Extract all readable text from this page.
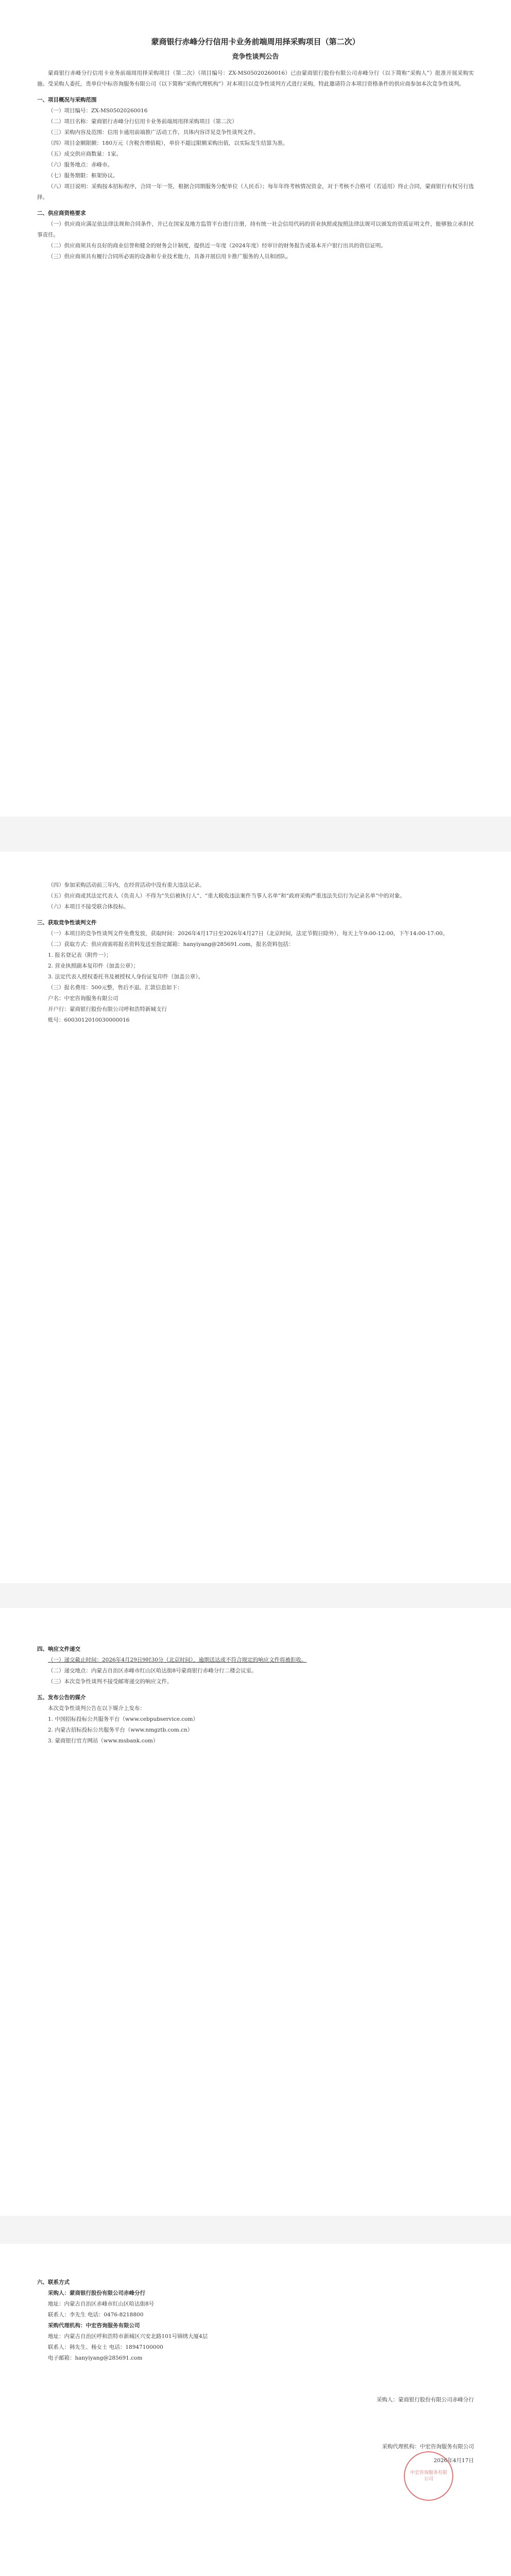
蒙商银行赤峰分行信用卡业务前端周用择采购项目（第二次）
竞争性谈判公告

蒙商银行赤峰分行信用卡业务前端周用择采购项目（第二次）（项目编号：ZX-MS05020260016）已由蒙商银行股份有限公司赤峰分行（以下简称“采购人”）批准开展采购实施。受采购人委托，贵单位中标咨询服务有限公司（以下简称“采购代理机构”）对本项目以竞争性谈判方式进行采购，特此邀请符合本项目资格条件的供应商参加本次竞争性谈判。

一、项目概况与采购范围

（一）项目编号：ZX-MS05020260016

（二）项目名称：蒙商银行赤峰分行信用卡业务前端周用择采购项目（第二次）

（三）采购内容及范围：信用卡通用前端推广活动工作，具体内容详见竞争性谈判文件。

（四）项目金额限额：180万元（含税含增值税），单价不超过限额采购出值，以实际发生结算为准。

（五）成交供应商数量：1家。

（六）服务地点：赤峰市。

（七）服务期限：框架协议。

（八）项目说明：采购按本招标程序，合同一年一签，根据合同期服务分配单位（人民币）；每年年终考核情况资金，对于考核不合格可（若适用）终止合同，蒙商银行有权另行选择。

二、供应商资格要求

（一）供应商应满足依法律法规和合同条件，并已在国家及地方监管平台进行注册，持有统一社会信用代码的营业执照或按照法律法规可以颁发的资质证明文件，能够独立承担民事责任。

（二）供应商须具有良好的商业信誉和健全的财务会计制度，提供近一年度（2024年度）经审计的财务报告或基本开户银行出具的资信证明。

（三）供应商须具有履行合同所必需的设备和专业技术能力，具备开展信用卡推广服务的人员和团队。

（四）参加采购活动前三年内，在经营活动中没有重大违法记录。

（五）供应商或其法定代表人（负责人）不得为“失信被执行人”、“重大税收违法案件当事人名单”和“政府采购严重违法失信行为记录名单”中的对象。

（六）本项目不接受联合体投标。

三、获取竞争性谈判文件

（一）本项目的竞争性谈判文件免费发放，获取时间：2026年4月17日至2026年4月27日（北京时间，法定节假日除外），每天上午9:00-12:00，下午14:00-17:00。

（二）获取方式：供应商需将报名资料发送至指定邮箱：hanyiyang@285691.com，报名资料包括：

1. 报名登记表（附件一）；

2. 营业执照副本复印件（加盖公章）；

3. 法定代表人授权委托书及被授权人身份证复印件（加盖公章）。

（三）报名费用：500元整，售后不退。汇款信息如下：

户名：中宏咨询服务有限公司

开户行：蒙商银行股份有限公司呼和浩特新城支行

账号：6003012010030000016

四、响应文件递交

（一）递交截止时间：2026年4月29日9时30分（北京时间），逾期送达或不符合规定的响应文件将被拒收。

（二）递交地点：内蒙古自治区赤峰市红山区哈达街8号蒙商银行赤峰分行二楼会议室。

（三）本次竞争性谈判不接受邮寄递交的响应文件。

五、发布公告的媒介

本次竞争性谈判公告在以下媒介上发布：

1. 中国招标投标公共服务平台（www.cebpubservice.com）

2. 内蒙古招标投标公共服务平台（www.nmgztb.com.cn）

3. 蒙商银行官方网站（www.msbank.com）

六、联系方式

采购人：蒙商银行股份有限公司赤峰分行

地址：内蒙古自治区赤峰市红山区哈达街8号

联系人：李先生 电话：0476-8218800

采购代理机构：中宏咨询服务有限公司

地址：内蒙古自治区呼和浩特市新城区兴安北路101号锦绣大厦4层

联系人：韩先生、杨女士 电话：18947100000

电子邮箱：hanyiyang@285691.com

采购人：蒙商银行股份有限公司赤峰分行

采购代理机构：中宏咨询服务有限公司

2026年4月17日

中宏咨询服务有限公司
